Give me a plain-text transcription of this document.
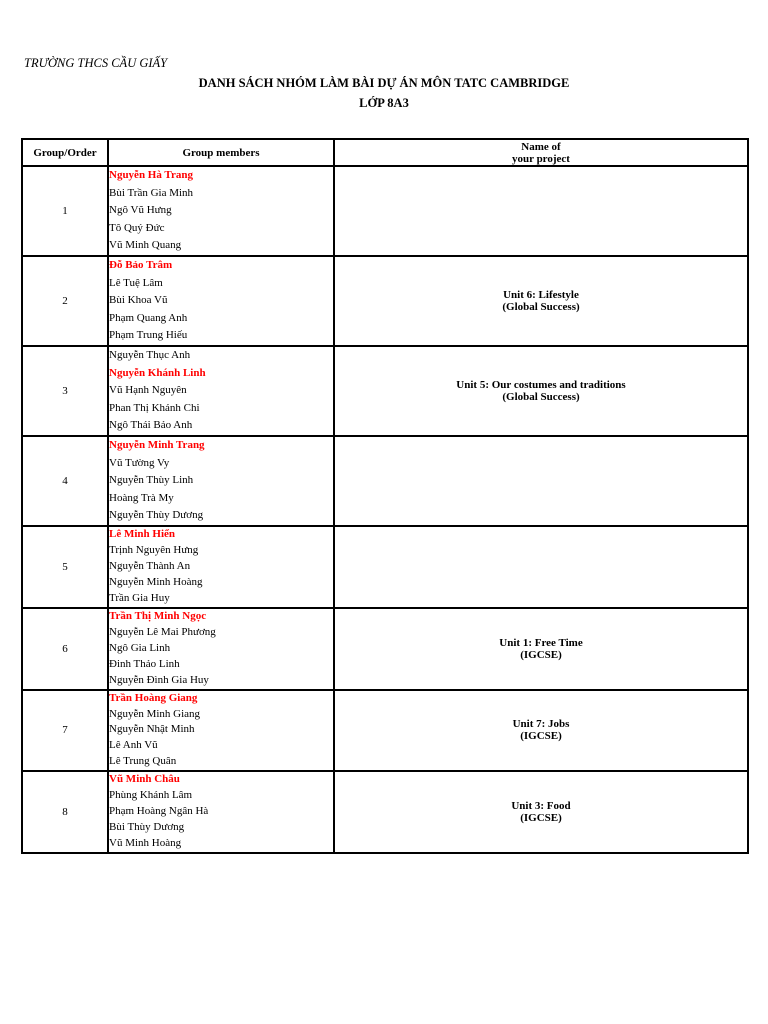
TRƯỜNG THCS CẦU GIẤY
DANH SÁCH NHÓM LÀM BÀI DỰ ÁN MÔN TATC CAMBRIDGE
LỚP 8A3
Group/Order	Group members	Name of
your project

1	Nguyễn Hà Trang
Bùi Trần Gia Minh
Ngô Vũ Hưng
Tô Quý Đức
Vũ Minh Quang	

2	Đỗ Bảo Trâm
Lê Tuệ Lâm
Bùi Khoa Vũ
Phạm Quang Anh
Phạm Trung Hiếu	Unit 6: Lifestyle
(Global Success)

3	Nguyễn Thục Anh
Nguyễn Khánh Linh
Vũ Hạnh Nguyên
Phan Thị Khánh Chi
Ngô Thái Bảo Anh	Unit 5: Our costumes and traditions
(Global Success)

4	Nguyễn Minh Trang
Vũ Tường Vy
Nguyễn Thùy Linh
Hoàng Trà My
Nguyễn Thùy Dương	

5	Lê Minh Hiển
Trịnh Nguyên Hưng
Nguyễn Thành An
Nguyễn Minh Hoàng
Trần Gia Huy	

6	Trần Thị Minh Ngọc
Nguyễn Lê Mai Phương
Ngô Gia Linh
Đinh Thảo Linh
Nguyễn Đình Gia Huy	Unit 1: Free Time
(IGCSE)

7	Trần Hoàng Giang
Nguyễn Minh Giang
Nguyễn Nhật Minh
Lê Anh Vũ
Lê Trung Quân	Unit 7: Jobs
(IGCSE)

8	Vũ Minh Châu
Phùng Khánh Lâm
Phạm Hoàng Ngân Hà
Bùi Thùy Dương
Vũ Minh Hoàng	Unit 3: Food
(IGCSE)
